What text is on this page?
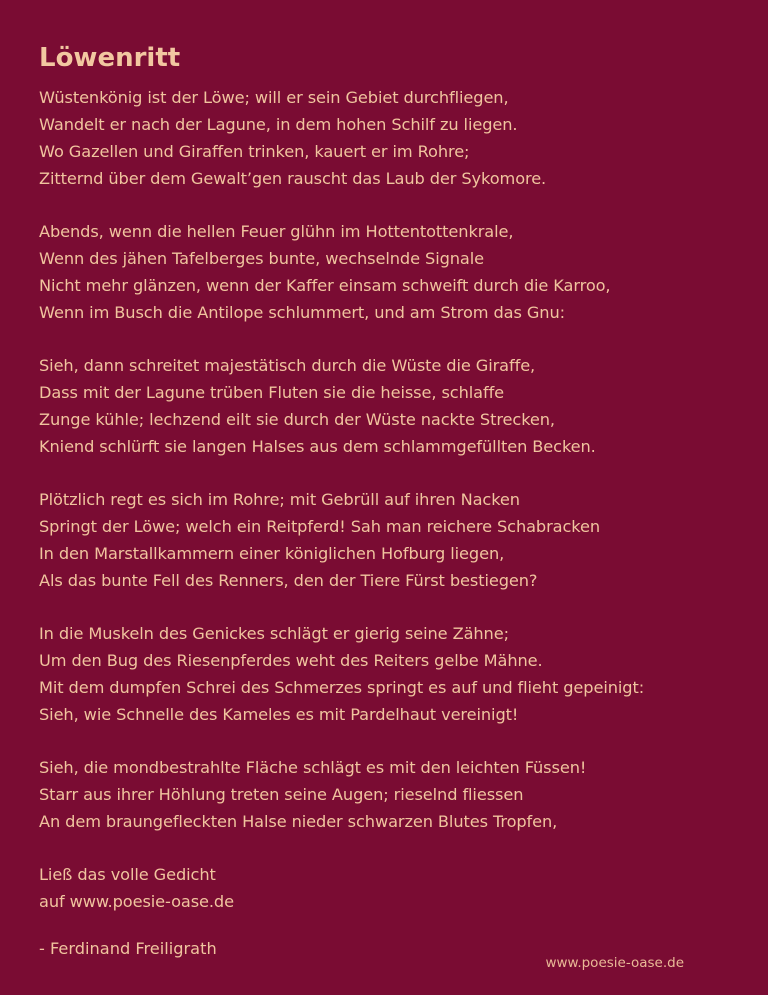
Löwenritt
Wüstenkönig ist der Löwe; will er sein Gebiet durchfliegen,
Wandelt er nach der Lagune, in dem hohen Schilf zu liegen.
Wo Gazellen und Giraffen trinken, kauert er im Rohre;
Zitternd über dem Gewalt’gen rauscht das Laub der Sykomore.
Abends, wenn die hellen Feuer glühn im Hottentottenkrale,
Wenn des jähen Tafelberges bunte, wechselnde Signale
Nicht mehr glänzen, wenn der Kaffer einsam schweift durch die Karroo,
Wenn im Busch die Antilope schlummert, und am Strom das Gnu:
Sieh, dann schreitet majestätisch durch die Wüste die Giraffe,
Dass mit der Lagune trüben Fluten sie die heisse, schlaffe
Zunge kühle; lechzend eilt sie durch der Wüste nackte Strecken,
Kniend schlürft sie langen Halses aus dem schlammgefüllten Becken.
Plötzlich regt es sich im Rohre; mit Gebrüll auf ihren Nacken
Springt der Löwe; welch ein Reitpferd! Sah man reichere Schabracken
In den Marstallkammern einer königlichen Hofburg liegen,
Als das bunte Fell des Renners, den der Tiere Fürst bestiegen?
In die Muskeln des Genickes schlägt er gierig seine Zähne;
Um den Bug des Riesenpferdes weht des Reiters gelbe Mähne.
Mit dem dumpfen Schrei des Schmerzes springt es auf und flieht gepeinigt:
Sieh, wie Schnelle des Kameles es mit Pardelhaut vereinigt!
Sieh, die mondbestrahlte Fläche schlägt es mit den leichten Füssen!
Starr aus ihrer Höhlung treten seine Augen; rieselnd fliessen
An dem braungefleckten Halse nieder schwarzen Blutes Tropfen,
Ließ das volle Gedicht
auf www.poesie-oase.de
- Ferdinand Freiligrath
www.poesie-oase.de
